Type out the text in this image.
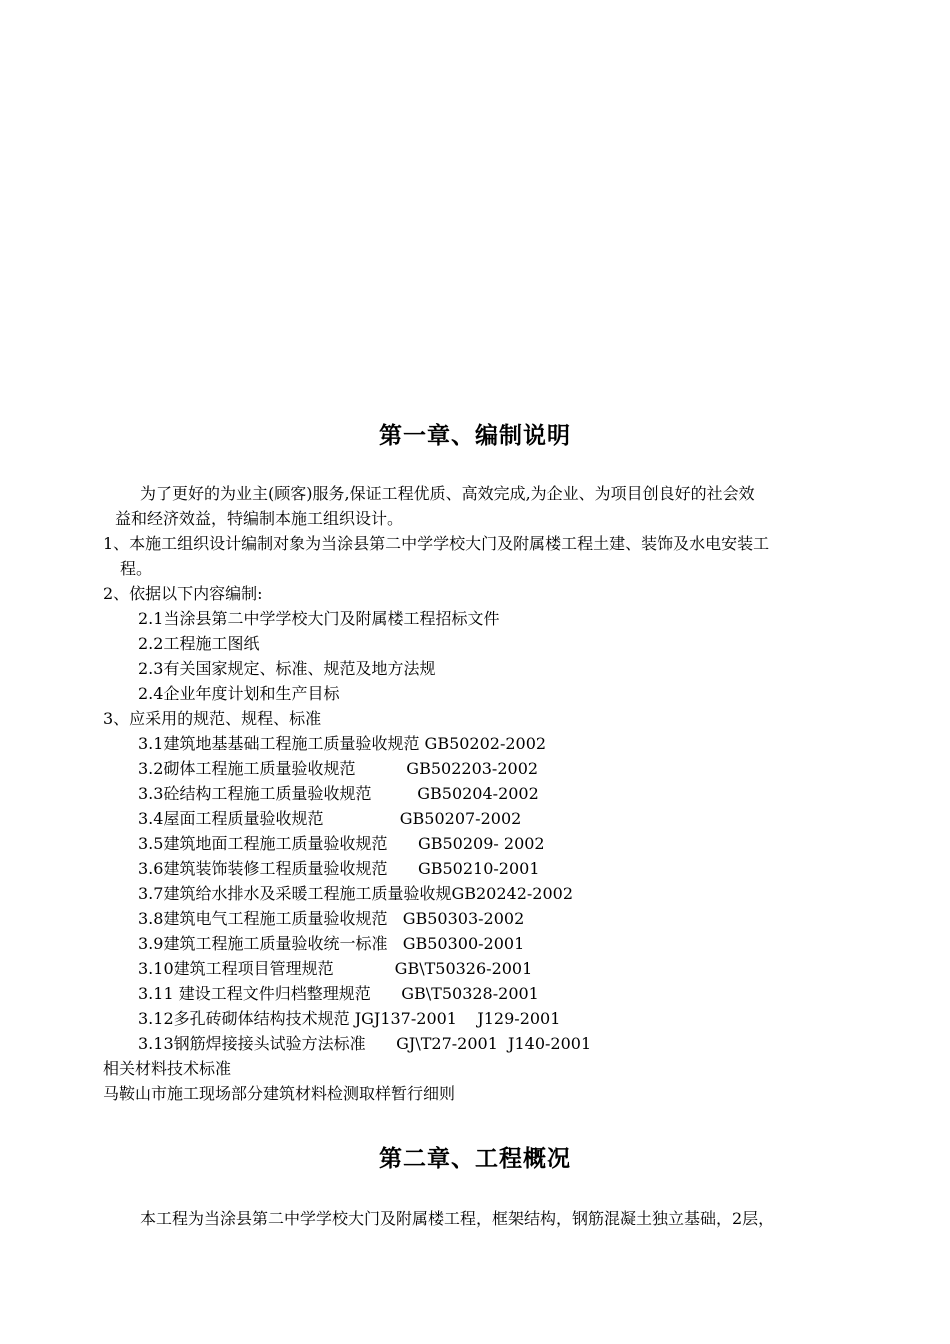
第一章、编制说明
为了更好的为业主(顾客)服务,保证工程优质、高效完成,为企业、为项目创良好的社会效
益和经济效益，特编制本施工组织设计。
1、本施工组织设计编制对象为当涂县第二中学学校大门及附属楼工程土建、装饰及水电安装工
程。
2、依据以下内容编制:
2.1当涂县第二中学学校大门及附属楼工程招标文件
2.2工程施工图纸
2.3有关国家规定、标准、规范及地方法规
2.4企业年度计划和生产目标
3、应采用的规范、规程、标准
3.1建筑地基基础工程施工质量验收规范 GB50202-2002
3.2砌体工程施工质量验收规范          GB502203-2002
3.3砼结构工程施工质量验收规范         GB50204-2002
3.4屋面工程质量验收规范               GB50207-2002
3.5建筑地面工程施工质量验收规范      GB50209- 2002
3.6建筑装饰装修工程质量验收规范      GB50210-2001
3.7建筑给水排水及采暖工程施工质量验收规GB20242-2002
3.8建筑电气工程施工质量验收规范   GB50303-2002
3.9建筑工程施工质量验收统一标准   GB50300-2001
3.10建筑工程项目管理规范            GB\T50326-2001
3.11 建设工程文件归档整理规范      GB\T50328-2001
3.12多孔砖砌体结构技术规范 JGJ137-2001    J129-2001
3.13钢筋焊接接头试验方法标准      GJ\T27-2001  J140-2001
相关材料技术标准
马鞍山市施工现场部分建筑材料检测取样暂行细则
第二章、工程概况
本工程为当涂县第二中学学校大门及附属楼工程，框架结构，钢筋混凝土独立基础，2层，
